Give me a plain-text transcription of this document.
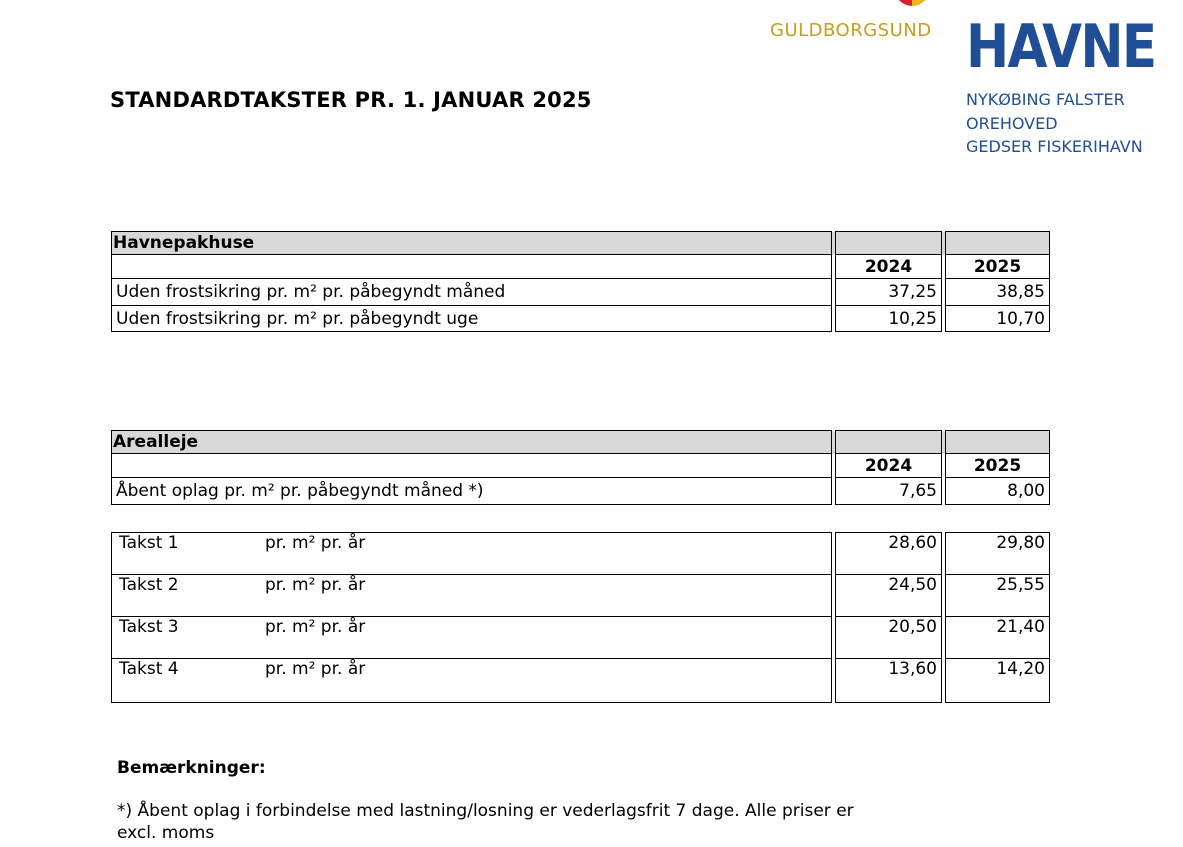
GULDBORGSUND HAVNE
NYKØBING FALSTER
OREHOVED
GEDSER FISKERIHAVN
STANDARDTAKSTER PR. 1. JANUAR 2025
Havnepakhuse				
		2024		2025
Uden frostsikring pr. m² pr. påbegyndt måned		37,25		38,85
Uden frostsikring pr. m² pr. påbegyndt uge		10,25		10,70
Arealleje				
		2024		2025
Åbent oplag pr. m² pr. påbegyndt måned *)		7,65		8,00
Takst 1 pr. m² pr. år		28,60		29,80
Takst 2 pr. m² pr. år		24,50		25,55
Takst 3 pr. m² pr. år		20,50		21,40
Takst 4 pr. m² pr. år		13,60		14,20
Bemærkninger:
*) Åbent oplag i forbindelse med lastning/losning er vederlagsfrit 7 dage. Alle priser er
excl. moms
